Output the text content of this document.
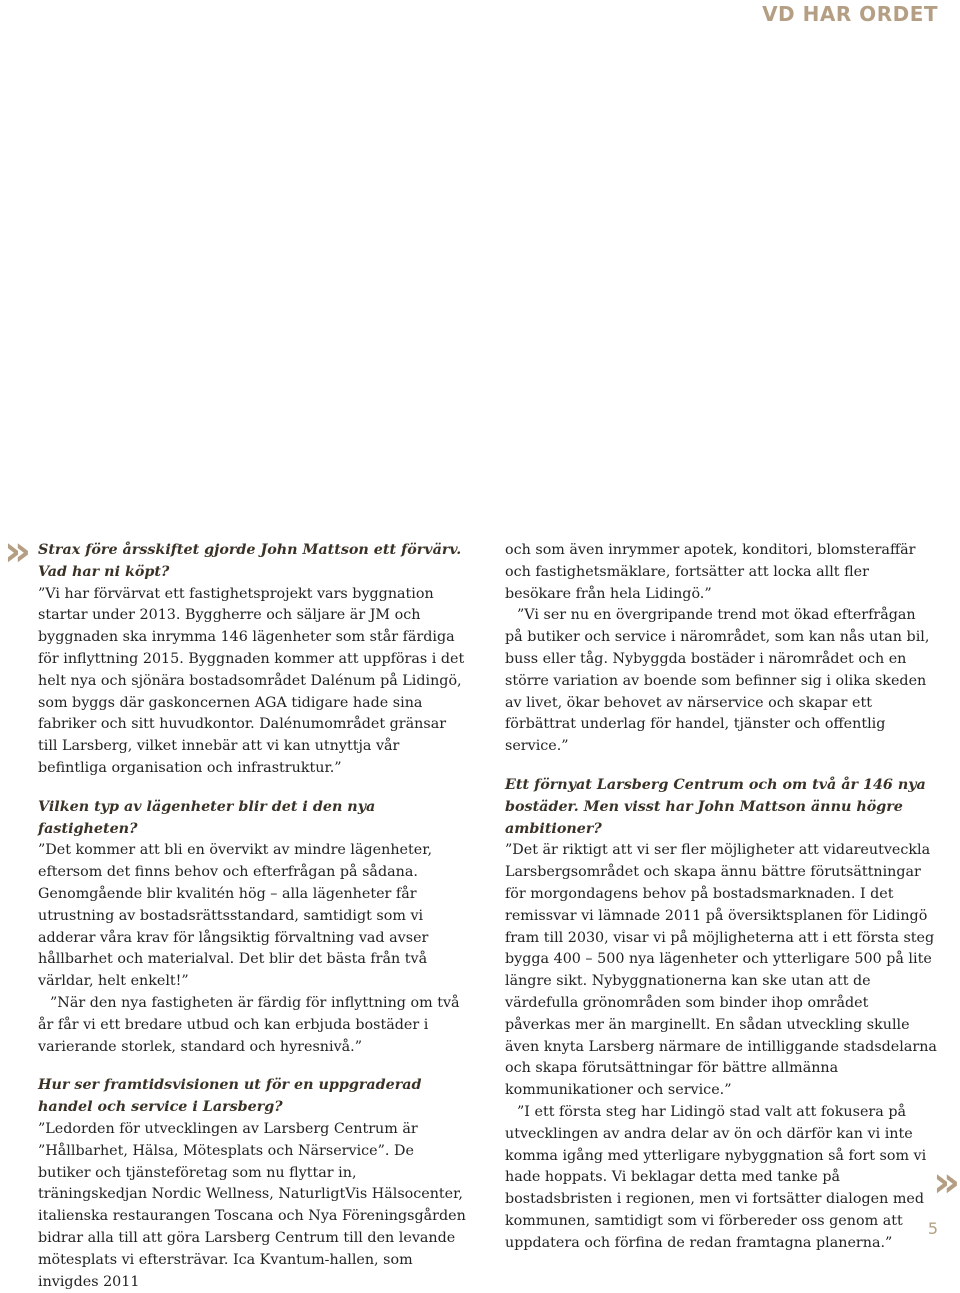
VD HAR ORDET
» Strax före årsskiftet gjorde John Mattson ett förvärv. Vad har ni köpt?

”Vi har förvärvat ett fastighetsprojekt vars byggnation startar under 2013. Byggherre och säljare är JM och byggnaden ska inrymma 146 lägenheter som står färdiga för inflyttning 2015. Byggnaden kommer att uppföras i det helt nya och sjönära bostadsområdet Dalénum på Lidingö, som byggs där gaskoncernen AGA tidigare hade sina fabriker och sitt huvudkontor. Dalénumområdet gränsar till Larsberg, vilket innebär att vi kan utnyttja vår befintliga organisation och infrastruktur.”

Vilken typ av lägenheter blir det i den nya fastigheten?

”Det kommer att bli en övervikt av mindre lägenheter, eftersom det finns behov och efterfrågan på sådana. Genomgående blir kvalitén hög – alla lägenheter får utrustning av bostadsrättsstandard, samtidigt som vi adderar våra krav för långsiktig förvaltning vad avser hållbarhet och materialval. Det blir det bästa från två världar, helt enkelt!”

”När den nya fastigheten är färdig för inflyttning om två år får vi ett bredare utbud och kan erbjuda bostäder i varierande storlek, standard och hyresnivå.”

Hur ser framtidsvisionen ut för en uppgraderad handel och service i Larsberg?

”Ledorden för utvecklingen av Larsberg Centrum är ”Hållbarhet, Hälsa, Mötesplats och Närservice”. De butiker och tjänsteföretag som nu flyttar in, träningskedjan Nordic Wellness, NaturligtVis Hälsocenter, italienska restaurangen Toscana och Nya Föreningsgården bidrar alla till att göra Larsberg Centrum till den levande mötesplats vi eftersträvar. Ica Kvantum-hallen, som invigdes 2011

och som även inrymmer apotek, konditori, blomsteraffär och fastighetsmäklare, fortsätter att locka allt fler besökare från hela Lidingö.”

”Vi ser nu en övergripande trend mot ökad efterfrågan på butiker och service i närområdet, som kan nås utan bil, buss eller tåg. Nybyggda bostäder i närområdet och en större variation av boende som befinner sig i olika skeden av livet, ökar behovet av närservice och skapar ett förbättrat underlag för handel, tjänster och offentlig service.”

Ett förnyat Larsberg Centrum och om två år 146 nya bostäder. Men visst har John Mattson ännu högre ambitioner?

”Det är riktigt att vi ser fler möjligheter att vidareutveckla Larsbergsområdet och skapa ännu bättre förutsättningar för morgondagens behov på bostadsmarknaden. I det remissvar vi lämnade 2011 på översiktsplanen för Lidingö fram till 2030, visar vi på möjligheterna att i ett första steg bygga 400 – 500 nya lägenheter och ytterligare 500 på lite längre sikt. Nybyggnationerna kan ske utan att de värdefulla grönområden som binder ihop området påverkas mer än marginellt. En sådan utveckling skulle även knyta Larsberg närmare de intilliggande stadsdelarna och skapa förutsättningar för bättre allmänna kommunikationer och service.”

”I ett första steg har Lidingö stad valt att fokusera på utvecklingen av andra delar av ön och därför kan vi inte komma igång med ytterligare nybyggnation så fort som vi hade hoppats. Vi beklagar detta med tanke på bostadsbristen i regionen, men vi fortsätter dialogen med kommunen, samtidigt som vi förbereder oss genom att uppdatera och förfina de redan framtagna planerna.”

»
5
